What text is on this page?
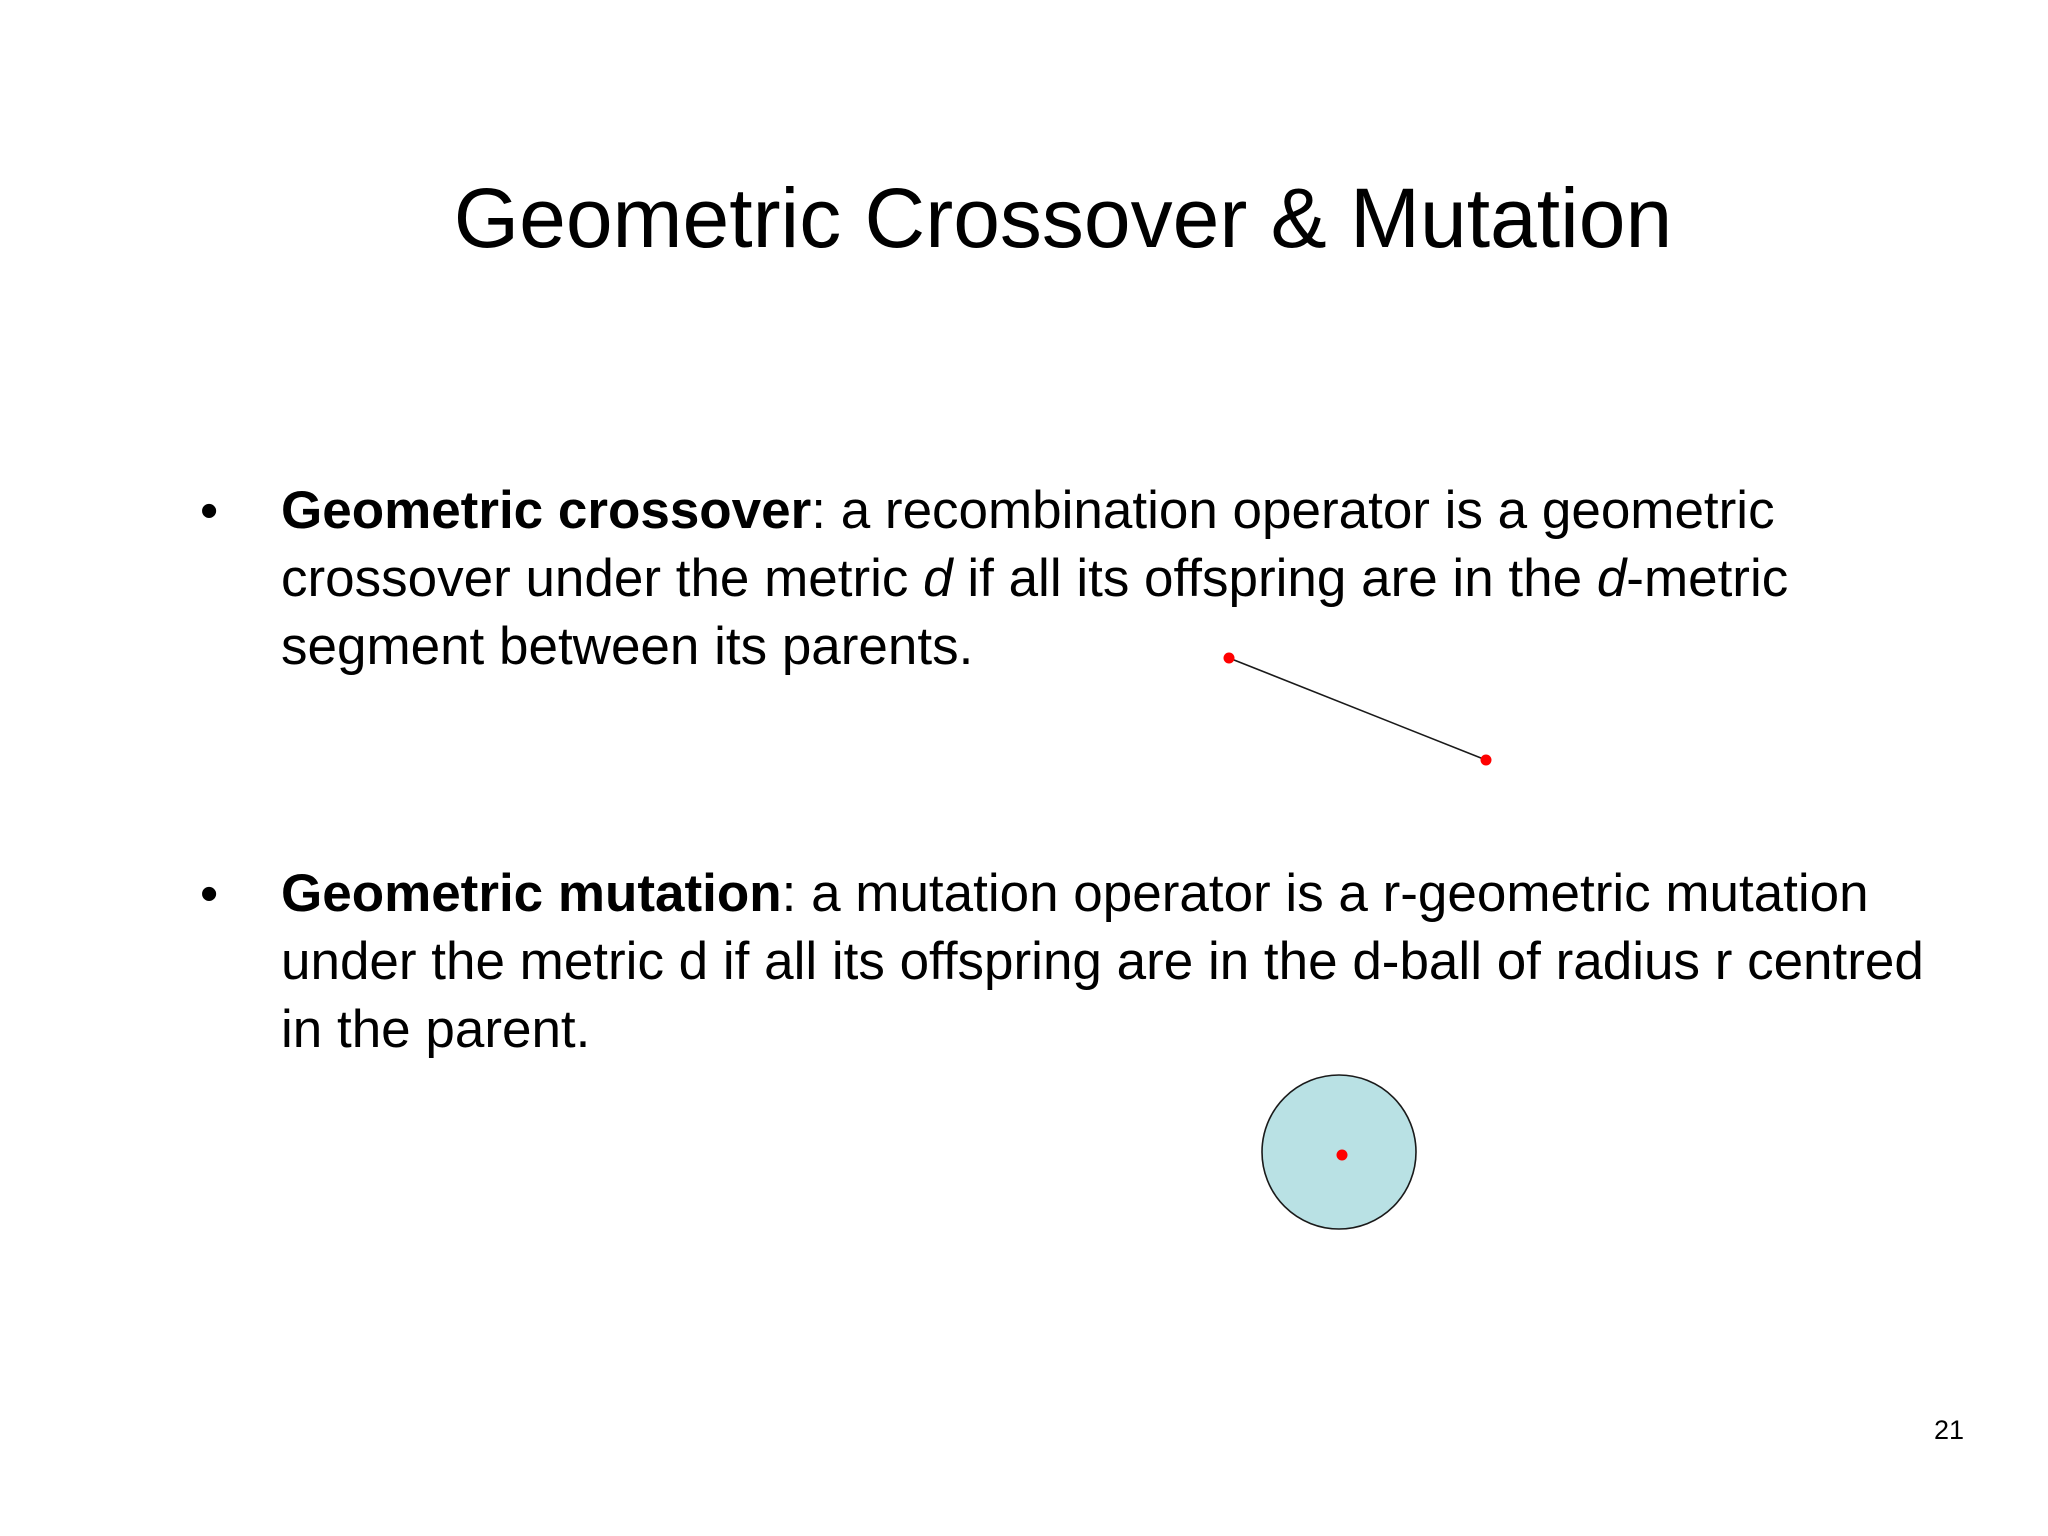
Geometric Crossover & Mutation
• Geometric crossover: a recombination operator is a geometric crossover under the metric d if all its offspring are in the d-metric segment between its parents.
• Geometric mutation: a mutation operator is a r-geometric mutation under the metric d if all its offspring are in the d-ball of radius r centred in the parent.
21
